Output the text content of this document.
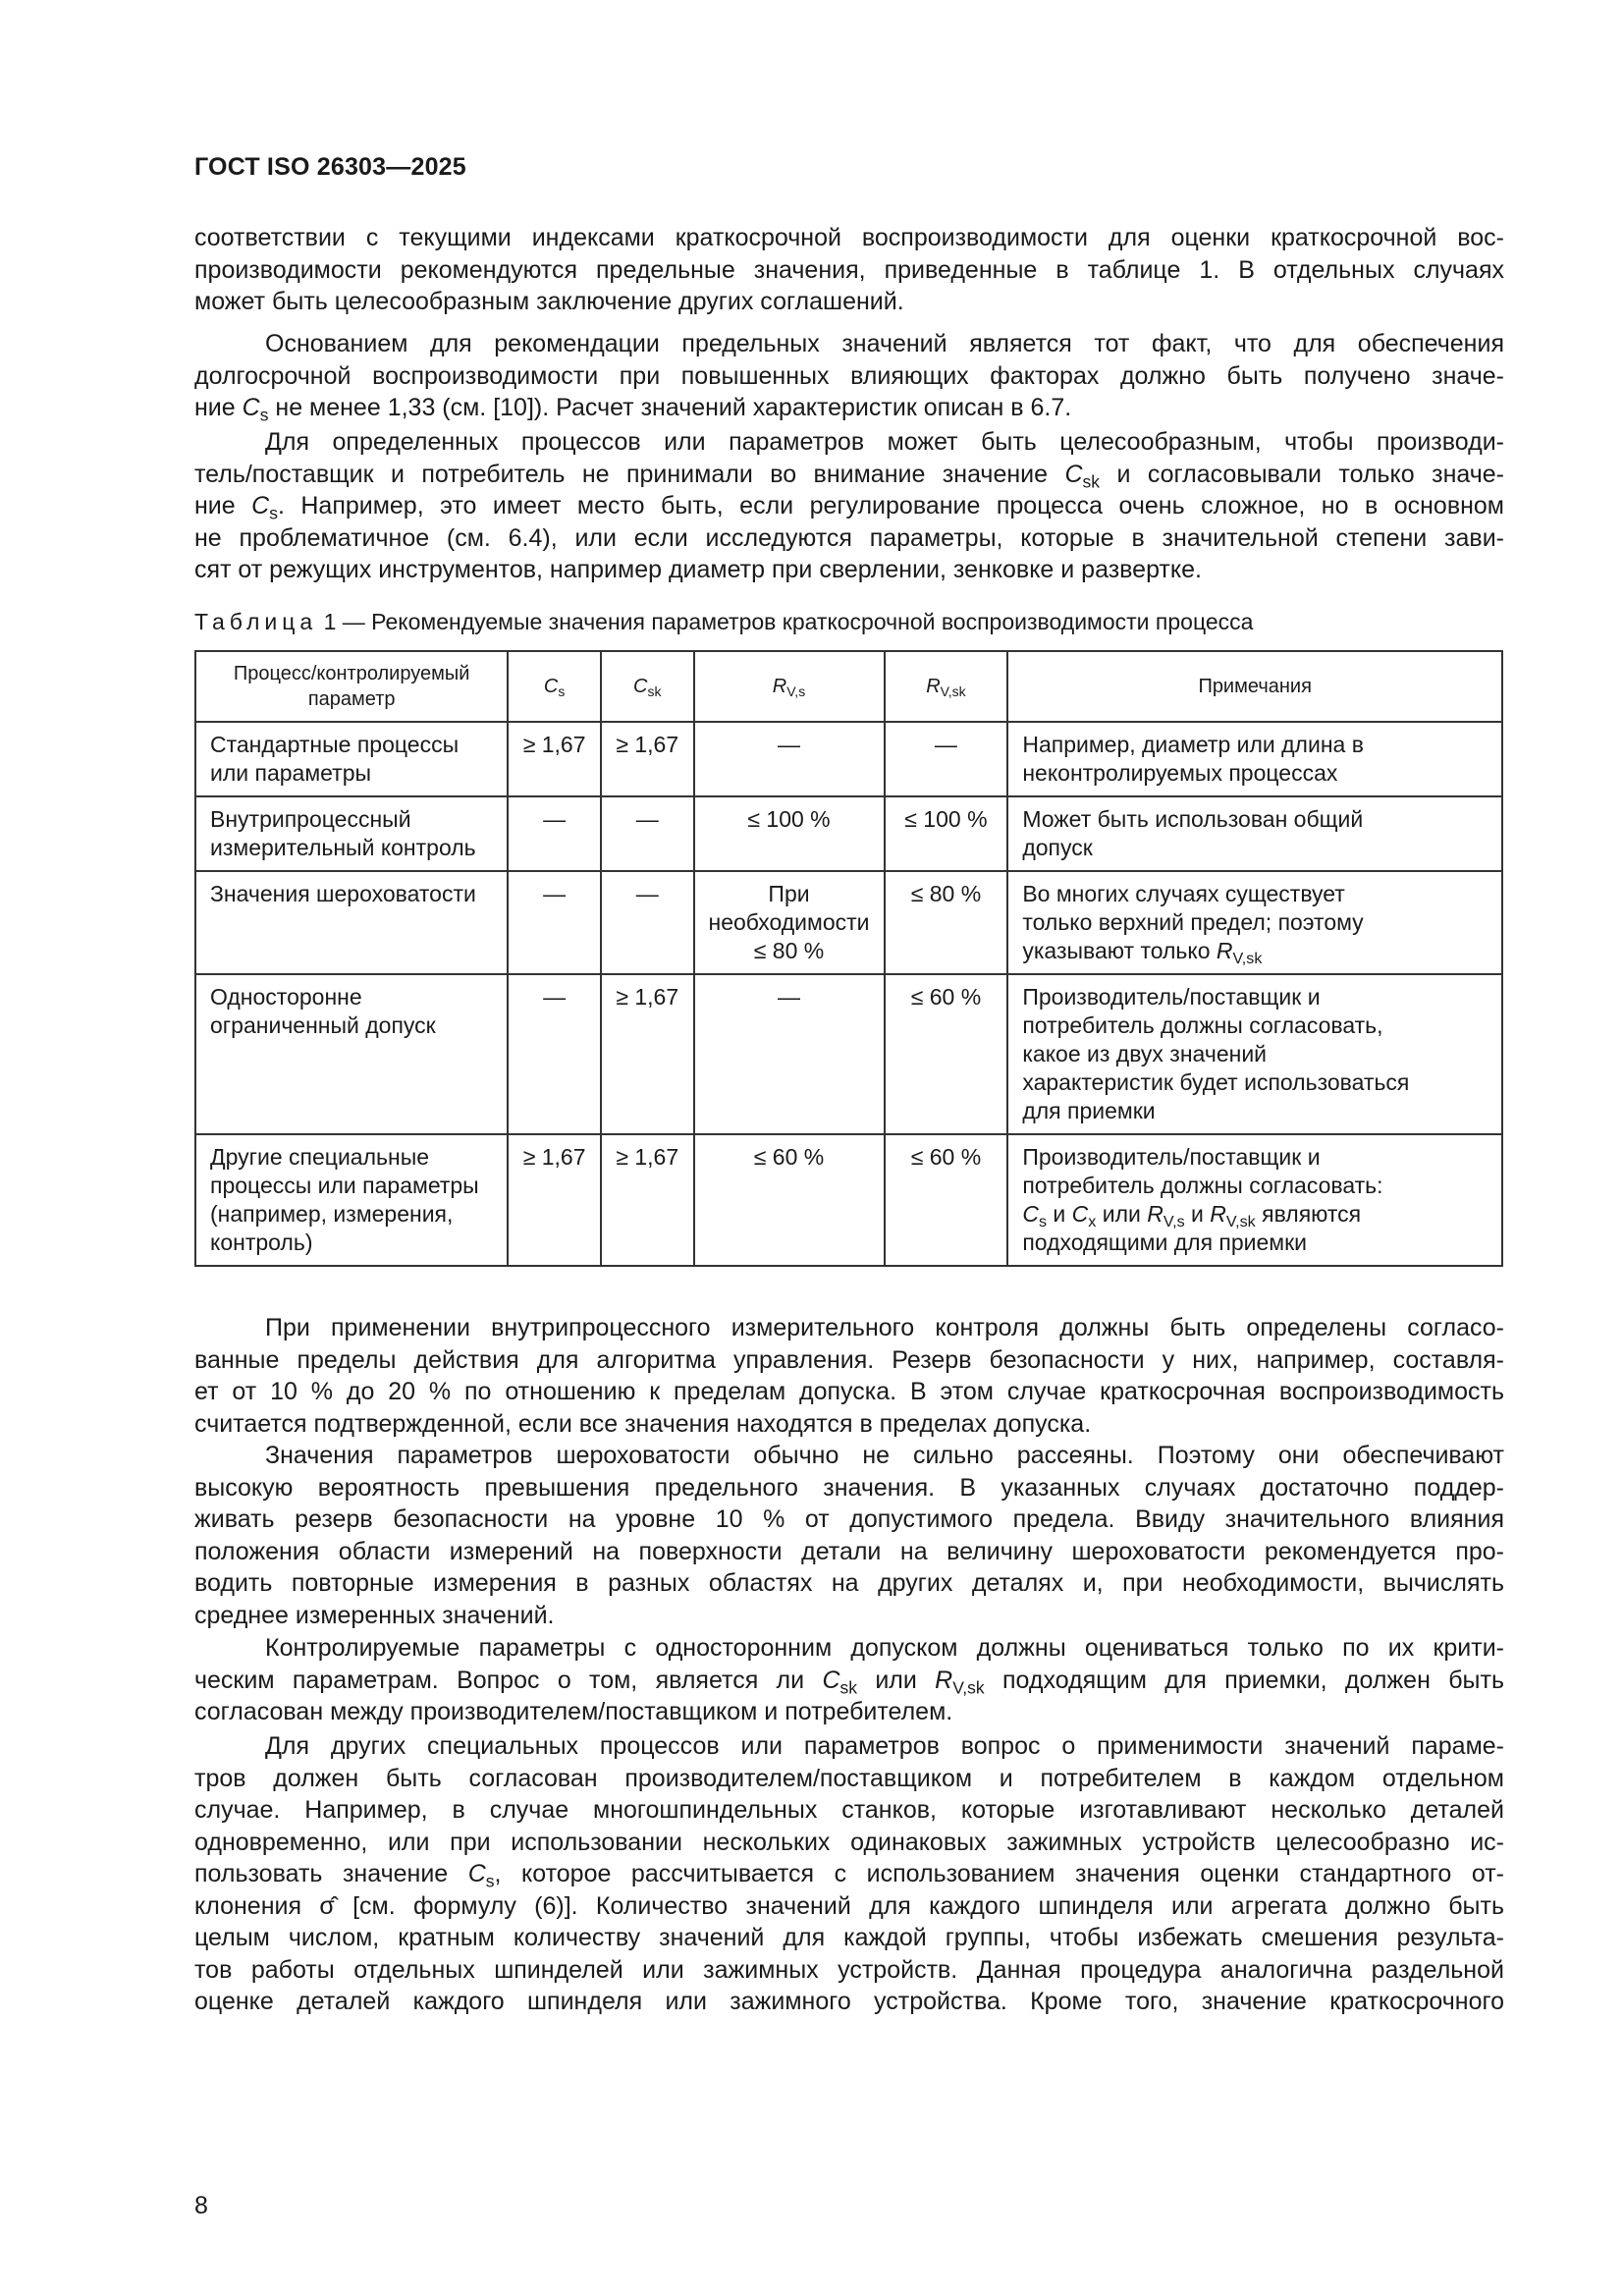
ГОСТ ISO 26303—2025
соответствии с текущими индексами краткосрочной воспроизводимости для оценки краткосрочной вос-
производимости рекомендуются предельные значения, приведенные в таблице 1. В отдельных случаях
может быть целесообразным заключение других соглашений.
Основанием для рекомендации предельных значений является тот факт, что для обеспечения
долгосрочной воспроизводимости при повышенных влияющих факторах должно быть получено значе-
ние $C_s$ не менее 1,33 (см. [10]). Расчет значений характеристик описан в 6.7.
Для определенных процессов или параметров может быть целесообразным, чтобы производи-
тель/поставщик и потребитель не принимали во внимание значение $C_{sk}$ и согласовывали только значе-
ние $C_s$. Например, это имеет место быть, если регулирование процесса очень сложное, но в основном
не проблематичное (см. 6.4), или если исследуются параметры, которые в значительной степени зави-
сят от режущих инструментов, например диаметр при сверлении, зенковке и развертке.
Таблица 1 — Рекомендуемые значения параметров краткосрочной воспроизводимости процесса
Процесс/контролируемый
параметр	$C_s$	$C_{sk}$	$R_{V,s}$	$R_{V,sk}$	Примечания

Стандартные процессы
или параметры	≥ 1,67	≥ 1,67	—	—	Например, диаметр или длина в
неконтролируемых процессах

Внутрипроцессный
измерительный контроль	—	—	≤ 100 %	≤ 100 %	Может быть использован общий
допуск

Значения шероховатости	—	—	При
необходимости
≤ 80 %	≤ 80 %	Во многих случаях существует
только верхний предел; поэтому
указывают только $R_{V,sk}$

Односторонне
ограниченный допуск	—	≥ 1,67	—	≤ 60 %	Производитель/поставщик и
потребитель должны согласовать,
какое из двух значений
характеристик будет использоваться
для приемки

Другие специальные
процессы или параметры
(например, измерения,
контроль)	≥ 1,67	≥ 1,67	≤ 60 %	≤ 60 %	Производитель/поставщик и
потребитель должны согласовать:
$C_s$ и $C_x$ или $R_{V,s}$ и $R_{V,sk}$ являются
подходящими для приемки
При применении внутрипроцессного измерительного контроля должны быть определены согласо-
ванные пределы действия для алгоритма управления. Резерв безопасности у них, например, составля-
ет от 10 % до 20 % по отношению к пределам допуска. В этом случае краткосрочная воспроизводимость
считается подтвержденной, если все значения находятся в пределах допуска.
Значения параметров шероховатости обычно не сильно рассеяны. Поэтому они обеспечивают
высокую вероятность превышения предельного значения. В указанных случаях достаточно поддер-
живать резерв безопасности на уровне 10 % от допустимого предела. Ввиду значительного влияния
положения области измерений на поверхности детали на величину шероховатости рекомендуется про-
водить повторные измерения в разных областях на других деталях и, при необходимости, вычислять
среднее измеренных значений.
Контролируемые параметры с односторонним допуском должны оцениваться только по их крити-
ческим параметрам. Вопрос о том, является ли $C_{sk}$ или $R_{V,sk}$ подходящим для приемки, должен быть
согласован между производителем/поставщиком и потребителем.
Для других специальных процессов или параметров вопрос о применимости значений параме-
тров должен быть согласован производителем/поставщиком и потребителем в каждом отдельном
случае. Например, в случае многошпиндельных станков, которые изготавливают несколько деталей
одновременно, или при использовании нескольких одинаковых зажимных устройств целесообразно ис-
пользовать значение $C_s$, которое рассчитывается с использованием значения оценки стандартного от-
клонения σ̂ [см. формулу (6)]. Количество значений для каждого шпинделя или агрегата должно быть
целым числом, кратным количеству значений для каждой группы, чтобы избежать смешения результа-
тов работы отдельных шпинделей или зажимных устройств. Данная процедура аналогична раздельной
оценке деталей каждого шпинделя или зажимного устройства. Кроме того, значение краткосрочного
8
